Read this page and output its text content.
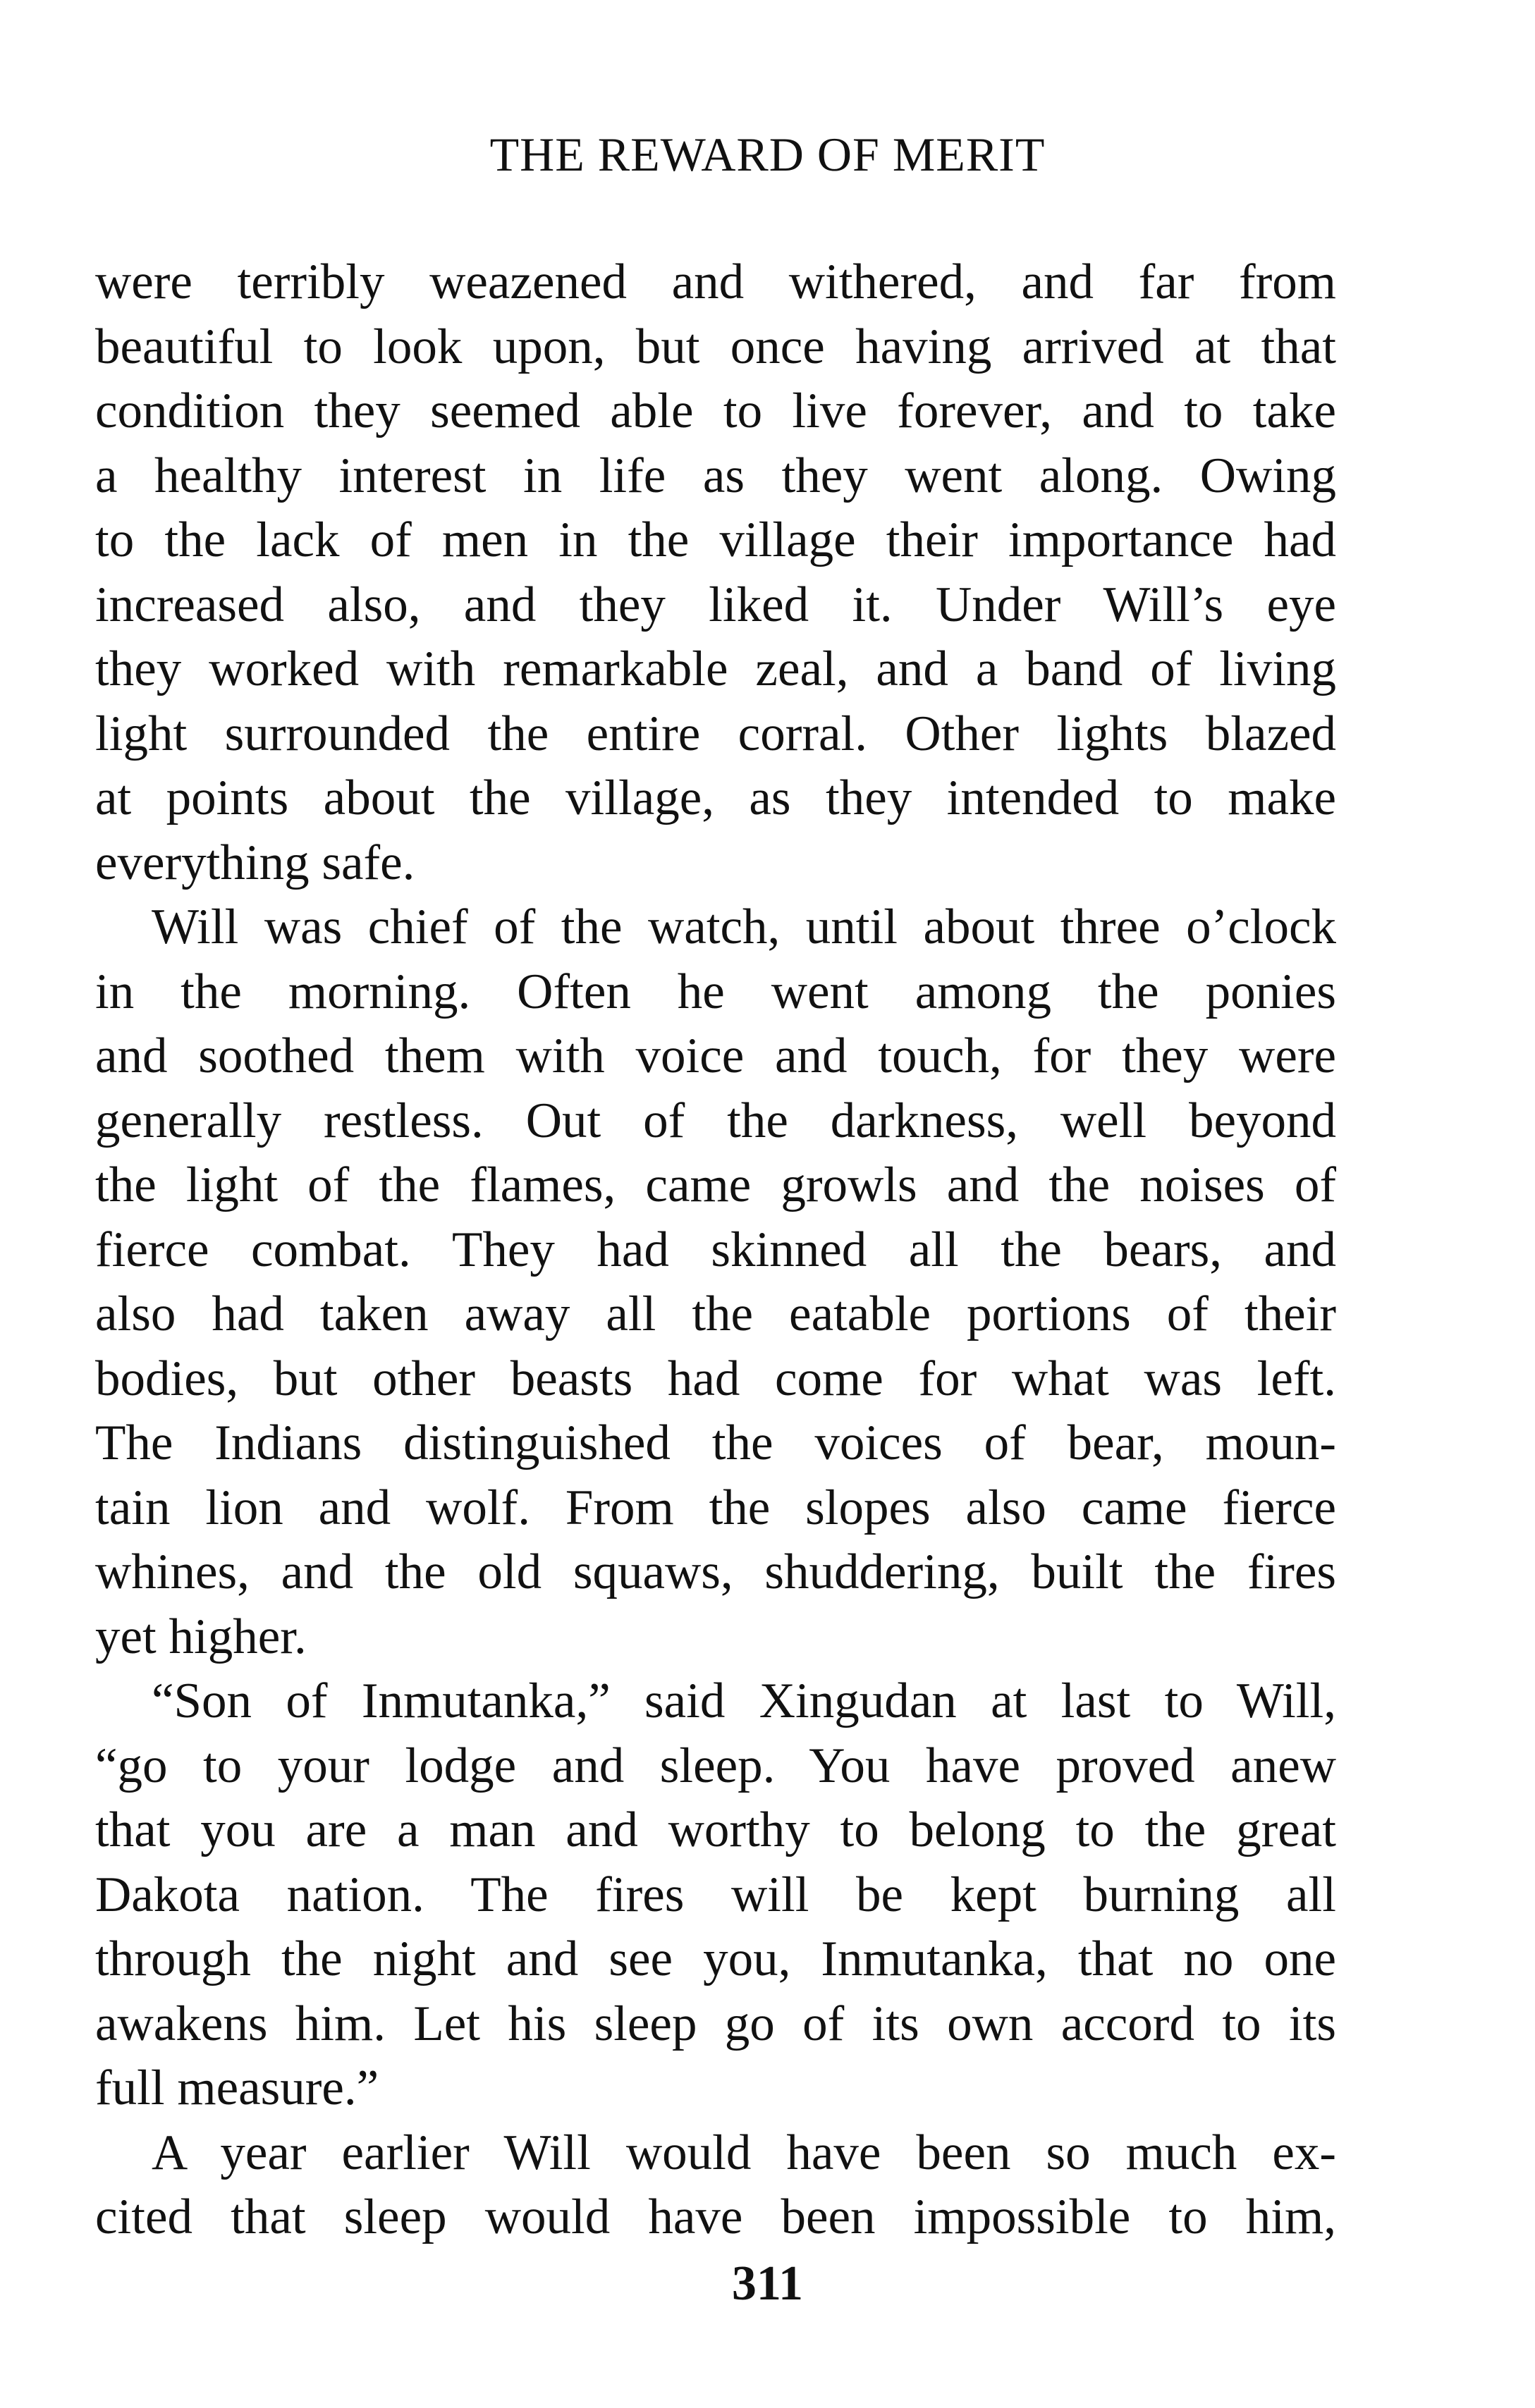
THE REWARD OF MERIT
were terribly weazened and withered, and far from
beautiful to look upon, but once having arrived at that
condition they seemed able to live forever, and to take
a healthy interest in life as they went along. Owing
to the lack of men in the village their importance had
increased also, and they liked it. Under Will’s eye
they worked with remarkable zeal, and a band of living
light surrounded the entire corral. Other lights blazed
at points about the village, as they intended to make
everything safe.
Will was chief of the watch, until about three o’clock
in the morning. Often he went among the ponies
and soothed them with voice and touch, for they were
generally restless. Out of the darkness, well beyond
the light of the flames, came growls and the noises of
fierce combat. They had skinned all the bears, and
also had taken away all the eatable portions of their
bodies, but other beasts had come for what was left.
The Indians distinguished the voices of bear, moun-
tain lion and wolf. From the slopes also came fierce
whines, and the old squaws, shuddering, built the fires
yet higher.
“Son of Inmutanka,” said Xingudan at last to Will,
“go to your lodge and sleep. You have proved anew
that you are a man and worthy to belong to the great
Dakota nation. The fires will be kept burning all
through the night and see you, Inmutanka, that no one
awakens him. Let his sleep go of its own accord to its
full measure.”
A year earlier Will would have been so much ex-
cited that sleep would have been impossible to him,
311
